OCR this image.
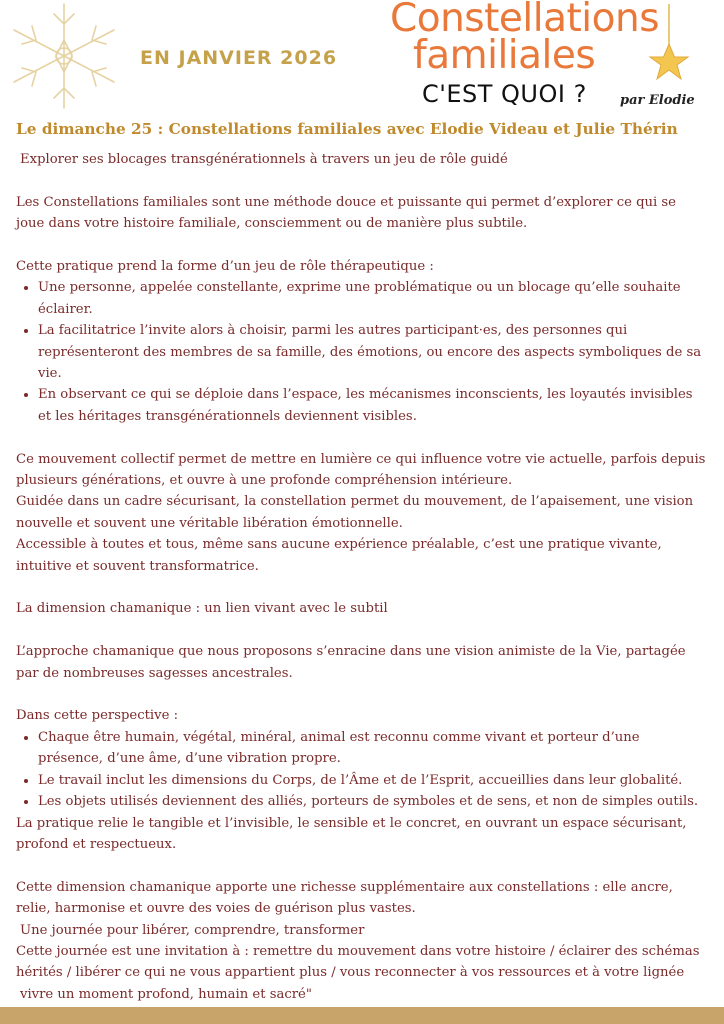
EN JANVIER 2026
Constellations
familiales
C'EST QUOI ?	par Elodie
Le dimanche 25 : Constellations familiales avec Elodie Videau et Julie Thérin

Explorer ses blocages transgénérationnels à travers un jeu de rôle guidé

Les Constellations familiales sont une méthode douce et puissante qui permet d’explorer ce qui se joue dans votre histoire familiale, consciemment ou de manière plus subtile.

Cette pratique prend la forme d’un jeu de rôle thérapeutique :

• Une personne, appelée constellante, exprime une problématique ou un blocage qu’elle souhaite éclairer.
• La facilitatrice l’invite alors à choisir, parmi les autres participant·es, des personnes qui représenteront des membres de sa famille, des émotions, ou encore des aspects symboliques de sa vie.
• En observant ce qui se déploie dans l’espace, les mécanismes inconscients, les loyautés invisibles et les héritages transgénérationnels deviennent visibles.

Ce mouvement collectif permet de mettre en lumière ce qui influence votre vie actuelle, parfois depuis plusieurs générations, et ouvre à une profonde compréhension intérieure.

Guidée dans un cadre sécurisant, la constellation permet du mouvement, de l’apaisement, une vision nouvelle et souvent une véritable libération émotionnelle.

Accessible à toutes et tous, même sans aucune expérience préalable, c’est une pratique vivante, intuitive et souvent transformatrice.

La dimension chamanique : un lien vivant avec le subtil

L’approche chamanique que nous proposons s’enracine dans une vision animiste de la Vie, partagée par de nombreuses sagesses ancestrales.

Dans cette perspective :

• Chaque être humain, végétal, minéral, animal est reconnu comme vivant et porteur d’une présence, d’une âme, d’une vibration propre.
• Le travail inclut les dimensions du Corps, de l’Âme et de l’Esprit, accueillies dans leur globalité.
• Les objets utilisés deviennent des alliés, porteurs de symboles et de sens, et non de simples outils.

La pratique relie le tangible et l’invisible, le sensible et le concret, en ouvrant un espace sécurisant, profond et respectueux.

Cette dimension chamanique apporte une richesse supplémentaire aux constellations : elle ancre, relie, harmonise et ouvre des voies de guérison plus vastes.

Une journée pour libérer, comprendre, transformer

Cette journée est une invitation à : remettre du mouvement dans votre histoire / éclairer des schémas hérités / libérer ce qui ne vous appartient plus / vous reconnecter à vos ressources et à votre lignée

vivre un moment profond, humain et sacré"
